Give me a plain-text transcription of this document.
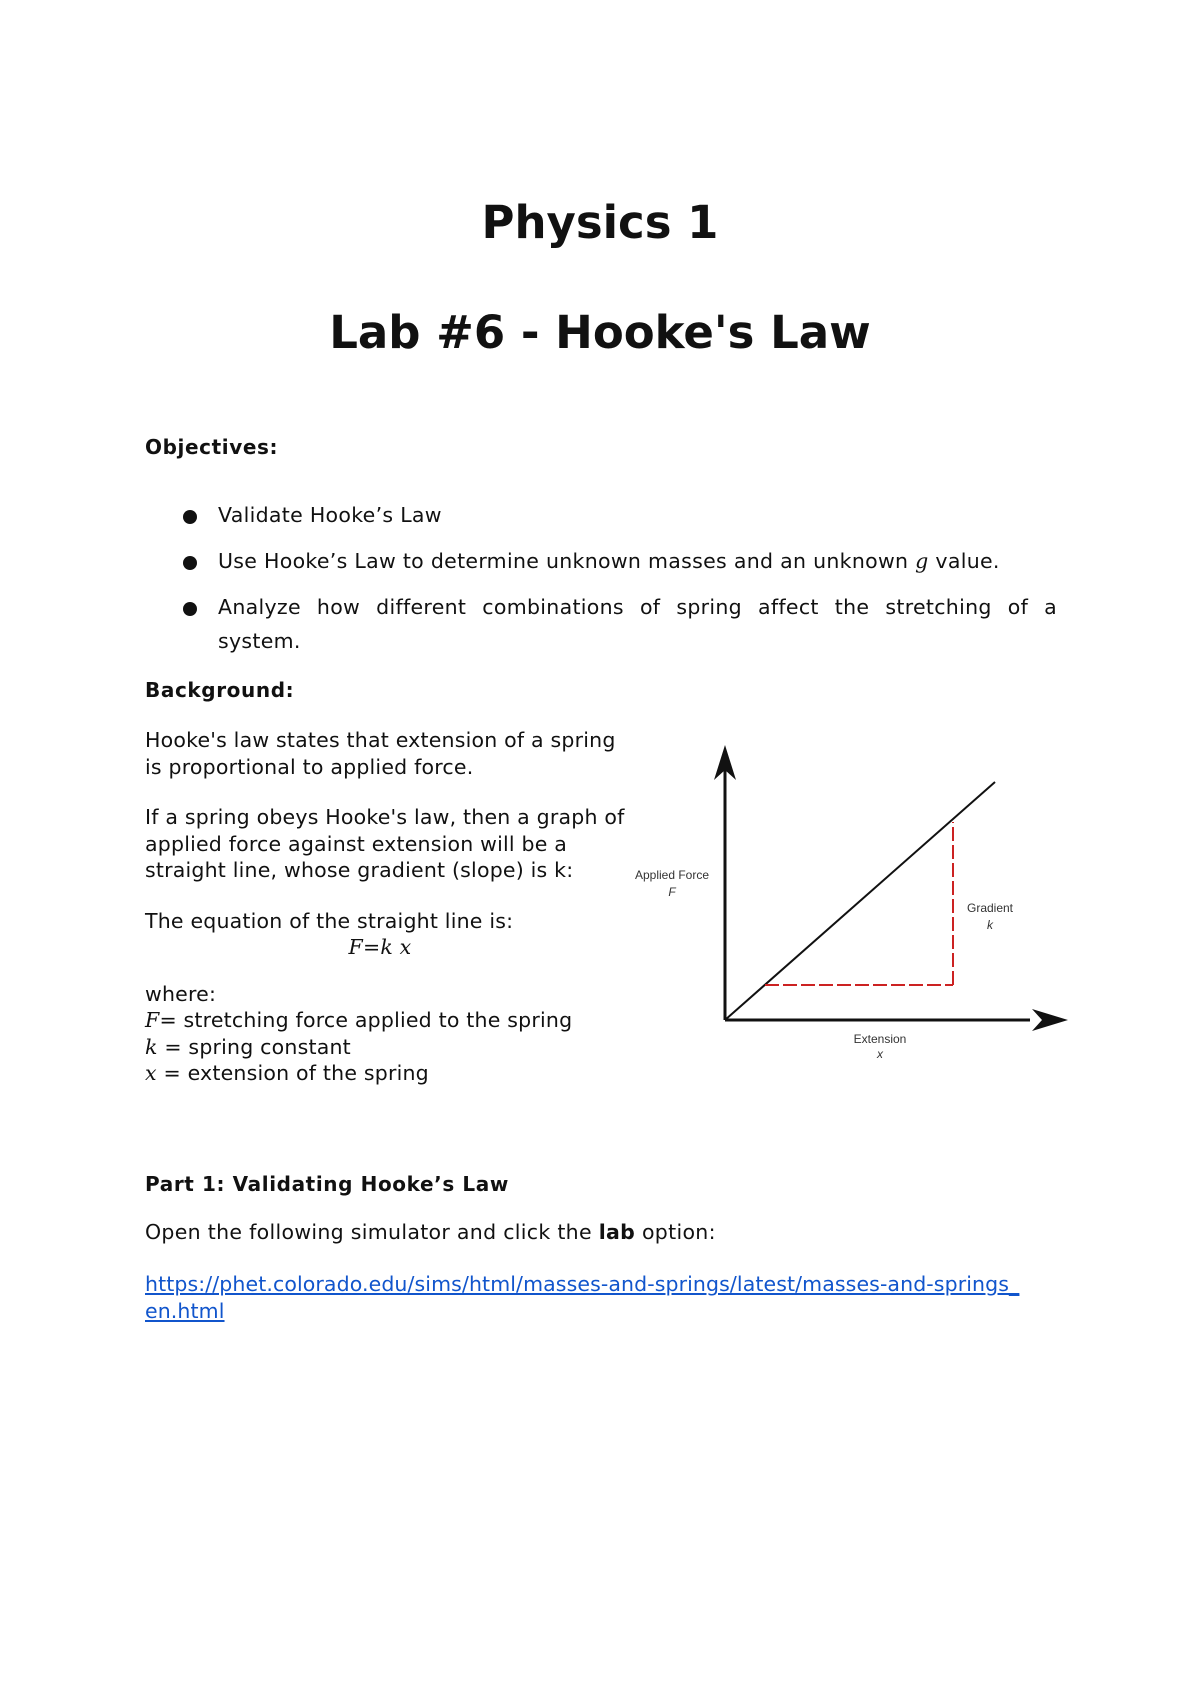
Physics 1
Lab #6 - Hooke's Law
Objectives:
Validate Hooke’s Law
Use Hooke’s Law to determine unknown masses and an unknown g value.
Analyze how different combinations of spring affect the stretching of a system.
Background:

Hooke's law states that extension of a spring is proportional to applied force.

If a spring obeys Hooke's law, then a graph of applied force against extension will be a straight line, whose gradient (slope) is k:

The equation of the straight line is:

F=k x

where:

F= stretching force applied to the spring

k = spring constant

x = extension of the spring

Applied Force
F
Gradient
k
Extension
x
Part 1: Validating Hooke’s Law
Open the following simulator and click the lab option:
https://phet.colorado.edu/sims/html/masses-and-springs/latest/masses-and-springs_en.html
